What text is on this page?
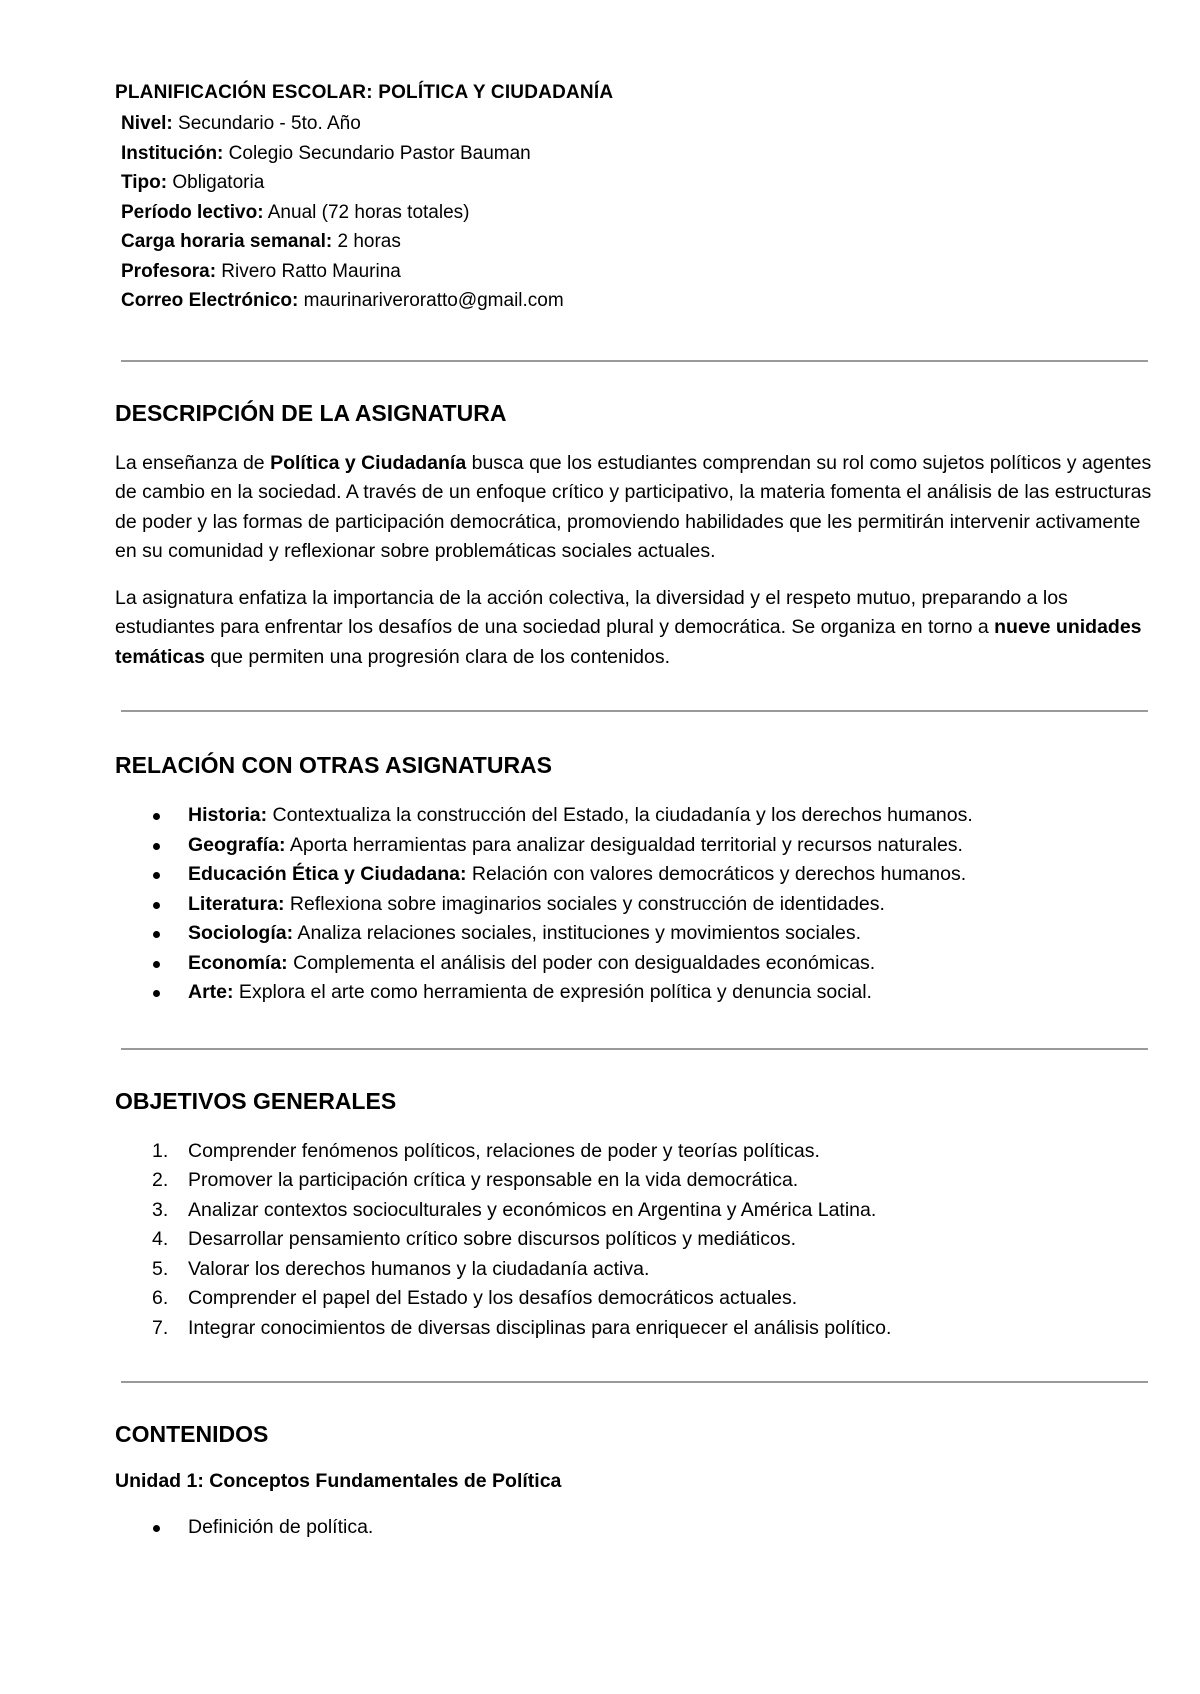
PLANIFICACIÓN ESCOLAR: POLÍTICA Y CIUDADANÍA
Nivel: Secundario - 5to. Año
Institución: Colegio Secundario Pastor Bauman
Tipo: Obligatoria
Período lectivo: Anual (72 horas totales)
Carga horaria semanal: 2 horas
Profesora: Rivero Ratto Maurina
Correo Electrónico: maurinariveroratto@gmail.com
DESCRIPCIÓN DE LA ASIGNATURA

La enseñanza de Política y Ciudadanía busca que los estudiantes comprendan su rol como sujetos políticos y agentes de cambio en la sociedad. A través de un enfoque crítico y participativo, la materia fomenta el análisis de las estructuras de poder y las formas de participación democrática, promoviendo habilidades que les permitirán intervenir activamente en su comunidad y reflexionar sobre problemáticas sociales actuales.

La asignatura enfatiza la importancia de la acción colectiva, la diversidad y el respeto mutuo, preparando a los estudiantes para enfrentar los desafíos de una sociedad plural y democrática. Se organiza en torno a nueve unidades temáticas que permiten una progresión clara de los contenidos.

RELACIÓN CON OTRAS ASIGNATURAS
Historia: Contextualiza la construcción del Estado, la ciudadanía y los derechos humanos.
Geografía: Aporta herramientas para analizar desigualdad territorial y recursos naturales.
Educación Ética y Ciudadana: Relación con valores democráticos y derechos humanos.
Literatura: Reflexiona sobre imaginarios sociales y construcción de identidades.
Sociología: Analiza relaciones sociales, instituciones y movimientos sociales.
Economía: Complementa el análisis del poder con desigualdades económicas.
Arte: Explora el arte como herramienta de expresión política y denuncia social.
OBJETIVOS GENERALES
1. Comprender fenómenos políticos, relaciones de poder y teorías políticas.
2. Promover la participación crítica y responsable en la vida democrática.
3. Analizar contextos socioculturales y económicos en Argentina y América Latina.
4. Desarrollar pensamiento crítico sobre discursos políticos y mediáticos.
5. Valorar los derechos humanos y la ciudadanía activa.
6. Comprender el papel del Estado y los desafíos democráticos actuales.
7. Integrar conocimientos de diversas disciplinas para enriquecer el análisis político.
CONTENIDOS
Unidad 1: Conceptos Fundamentales de Política
Definición de política.
